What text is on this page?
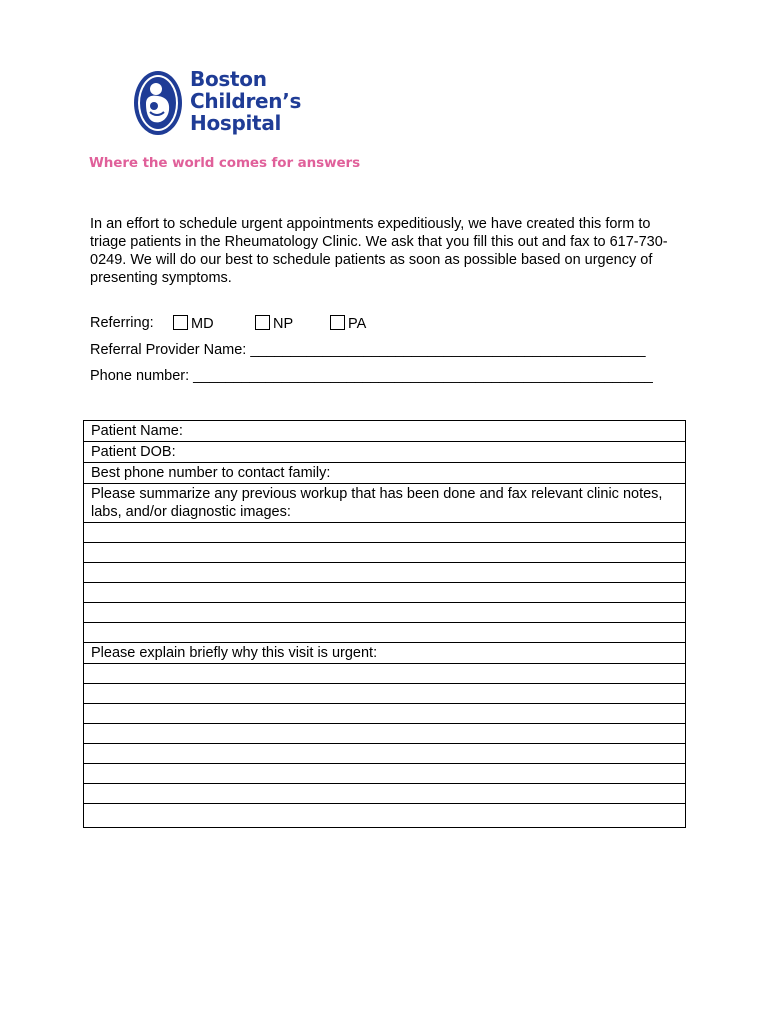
Boston
Children’s
Hospital
Where the world comes for answers

In an effort to schedule urgent appointments expeditiously, we have created this form to triage patients in the Rheumatology Clinic. We ask that you fill this out and fax to 617-730-0249. We will do our best to schedule patients as soon as possible based on urgency of presenting symptoms.

Referring:	MD	NP	PA
Referral Provider Name: _________________________________________________
Phone number: _________________________________________________________
Patient Name:
Patient DOB:
Best phone number to contact family:
Please summarize any previous workup that has been done and fax relevant clinic notes, labs, and/or diagnostic images:

Please explain briefly why this visit is urgent:
